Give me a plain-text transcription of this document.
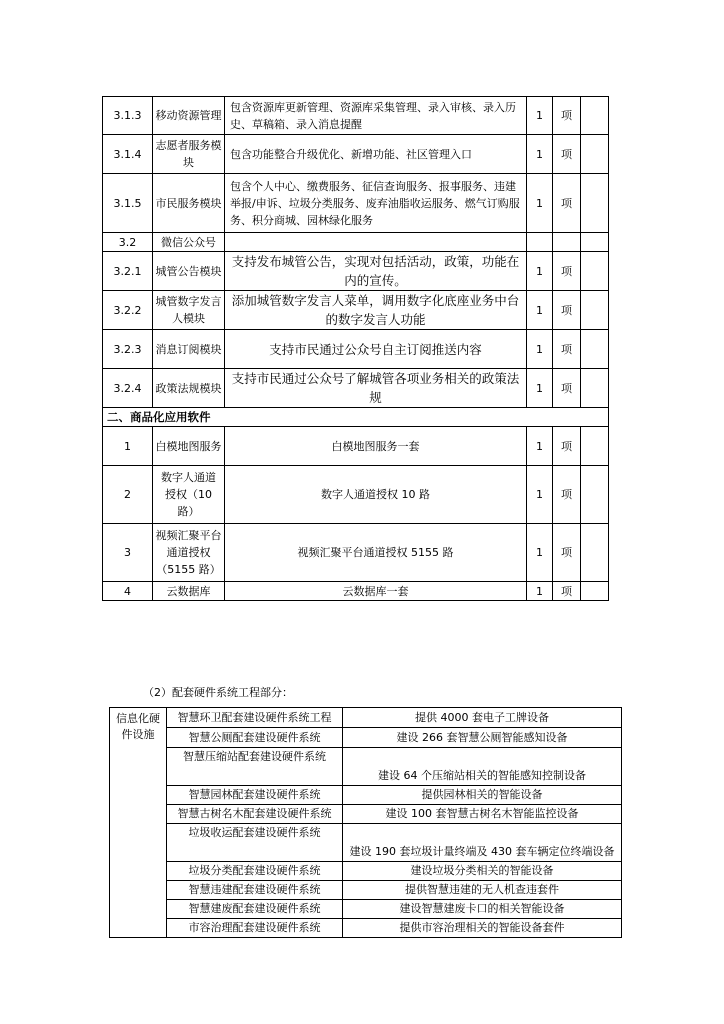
3.1.3	移动资源管理	包含资源库更新管理、资源库采集管理、录入审核、录入历史、草稿箱、录入消息提醒	1	项	
3.1.4	志愿者服务模块	包含功能整合升级优化、新增功能、社区管理入口	1	项	
3.1.5	市民服务模块	包含个人中心、缴费服务、征信查询服务、报事服务、违建举报/申诉、垃圾分类服务、废弃油脂收运服务、燃气订购服务、积分商城、园林绿化服务	1	项	
3.2	微信公众号				
3.2.1	城管公告模块	支持发布城管公告，实现对包括活动，政策，功能在内的宣传。	1	项	
3.2.2	城管数字发言人模块	添加城管数字发言人菜单，调用数字化底座业务中台的数字发言人功能	1	项	
3.2.3	消息订阅模块	支持市民通过公众号自主订阅推送内容	1	项	
3.2.4	政策法规模块	支持市民通过公众号了解城管各项业务相关的政策法规	1	项	
二、商品化应用软件					
1	白模地图服务	白模地图服务一套	1	项	
2	数字人通道授权（10路）	数字人通道授权 10 路	1	项	
3	视频汇聚平台通道授权（5155 路）	视频汇聚平台通道授权 5155 路	1	项	
4	云数据库	云数据库一套	1	项	
（2）配套硬件系统工程部分：
信息化硬件设施	智慧环卫配套建设硬件系统工程	提供 4000 套电子工牌设备
	智慧公厕配套建设硬件系统	建设 266 套智慧公厕智能感知设备
	智慧压缩站配套建设硬件系统	建设 64 个压缩站相关的智能感知控制设备
	智慧园林配套建设硬件系统	提供园林相关的智能设备
	智慧古树名木配套建设硬件系统	建设 100 套智慧古树名木智能监控设备
	垃圾收运配套建设硬件系统	建设 190 套垃圾计量终端及 430 套车辆定位终端设备
	垃圾分类配套建设硬件系统	建设垃圾分类相关的智能设备
	智慧违建配套建设硬件系统	提供智慧违建的无人机查违套件
	智慧建废配套建设硬件系统	建设智慧建废卡口的相关智能设备
	市容治理配套建设硬件系统	提供市容治理相关的智能设备套件
